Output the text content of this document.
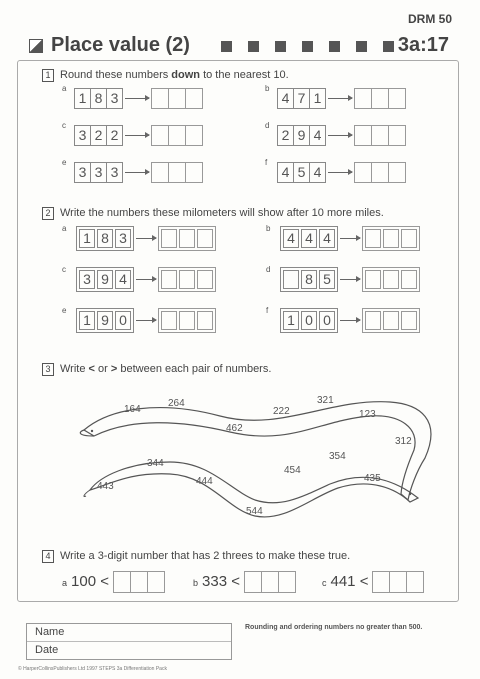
DRM 50
Place value (2)	3a:17
1 Round these numbers down to the nearest 10.
a
1 8 3
b
4 7 1
c
3 2 2
d
2 9 4
e
3 3 3
f
4 5 4
2 Write the numbers these milometers will show after 10 more miles.
a
1 8 3
b
4 4 4
c
3 9 4
d
8 5
e
1 9 0
f
1 0 0
3 Write < or > between each pair of numbers.
164
264
462
222
321
123
312
344
443	444
454
354
435
544
4 Write a 3-digit number that has 2 threes to make these true.
a 100 <	b 333 <	c 441 <
Name
Date
Rounding and ordering numbers no greater than 500.
© HarperCollinsPublishers Ltd 1997 STEPS 3a Differentiation Pack
